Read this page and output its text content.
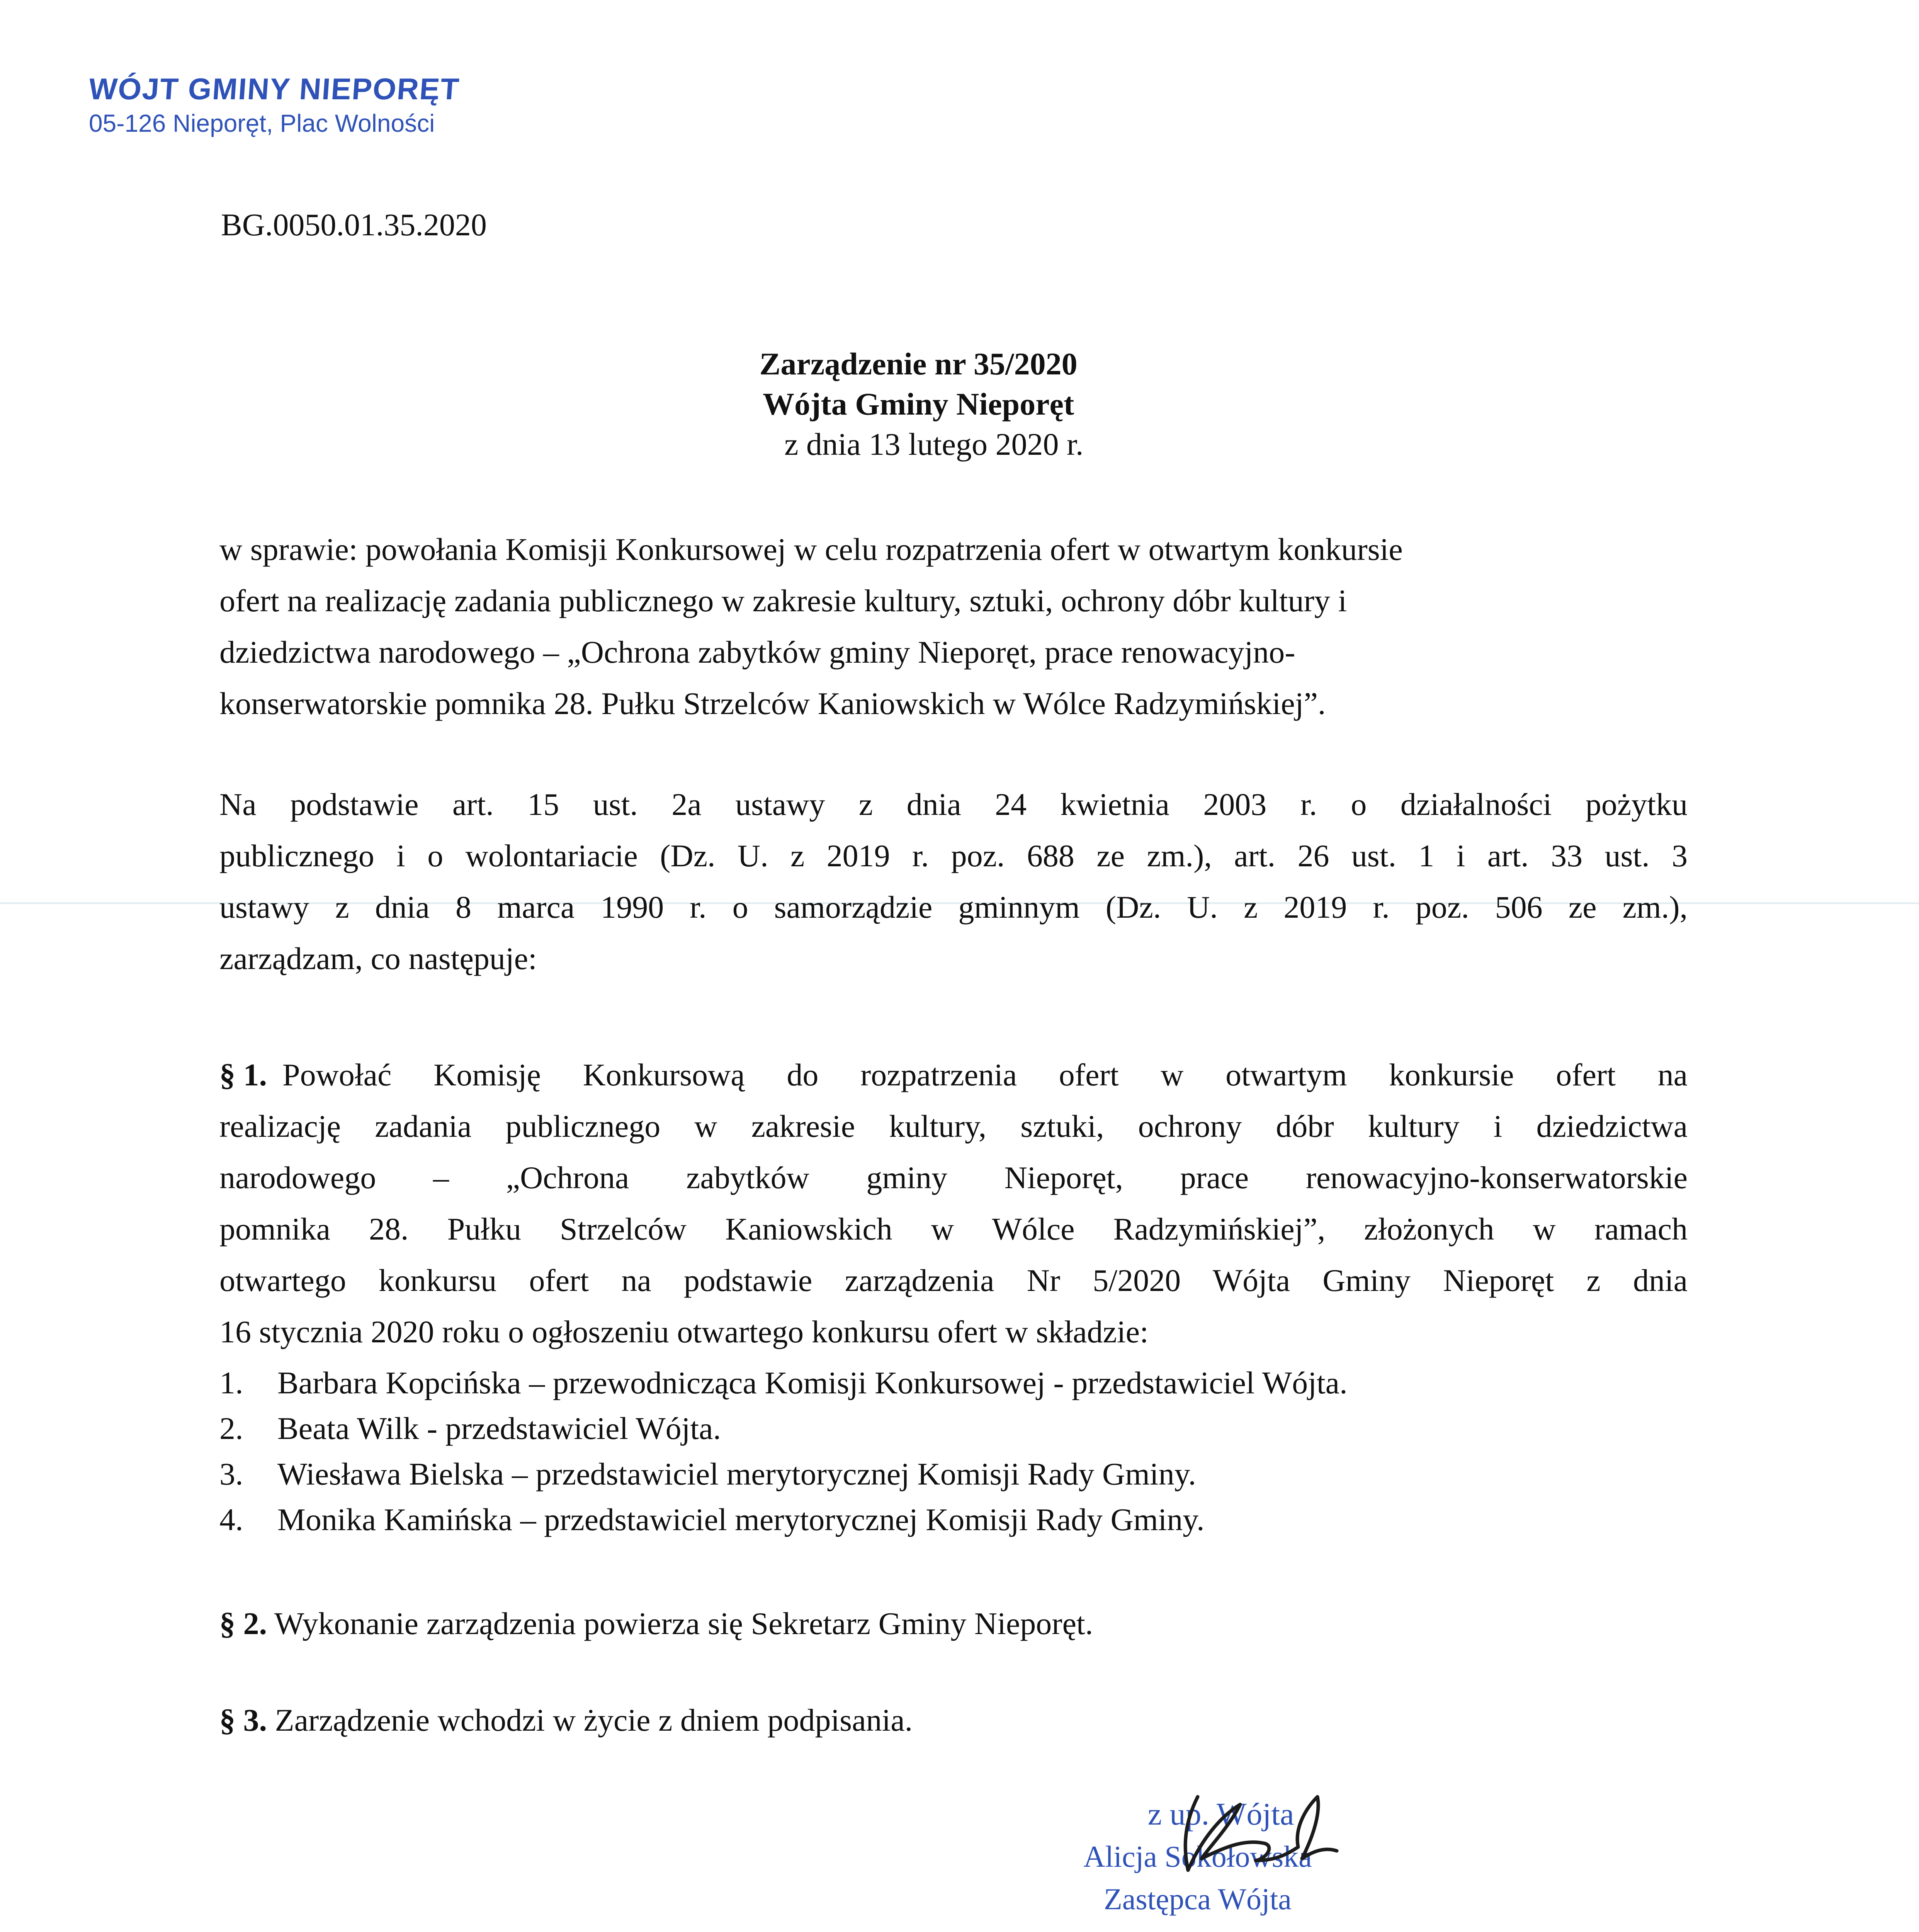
WÓJT GMINY NIEPORĘT
05-126 Nieporęt, Plac Wolności
BG.0050.01.35.2020
Zarządzenie nr 35/2020
Wójta Gminy Nieporęt
z dnia 13 lutego 2020 r.
w sprawie: powołania Komisji Konkursowej w celu rozpatrzenia ofert w otwartym konkursie
ofert na realizację zadania publicznego w zakresie kultury, sztuki, ochrony dóbr kultury i
dziedzictwa narodowego – „Ochrona zabytków gminy Nieporęt, prace renowacyjno-
konserwatorskie pomnika 28. Pułku Strzelców Kaniowskich w Wólce Radzymińskiej”.
Na podstawie art. 15 ust. 2a ustawy z dnia 24 kwietnia 2003 r. o działalności pożytku
publicznego i o wolontariacie (Dz. U. z 2019 r. poz. 688 ze zm.), art. 26 ust. 1 i art. 33 ust. 3
ustawy z dnia 8 marca 1990 r. o samorządzie gminnym (Dz. U. z 2019 r. poz. 506 ze zm.),
zarządzam, co następuje:
§ 1. Powołać Komisję Konkursową do rozpatrzenia ofert w otwartym konkursie ofert na
realizację zadania publicznego w zakresie kultury, sztuki, ochrony dóbr kultury i dziedzictwa
narodowego – „Ochrona zabytków gminy Nieporęt, prace renowacyjno-konserwatorskie
pomnika 28. Pułku Strzelców Kaniowskich w Wólce Radzymińskiej”, złożonych w ramach
otwartego konkursu ofert na podstawie zarządzenia Nr 5/2020 Wójta Gminy Nieporęt z dnia
16 stycznia 2020 roku o ogłoszeniu otwartego konkursu ofert w składzie:
1.	Barbara Kopcińska – przewodnicząca Komisji Konkursowej - przedstawiciel Wójta.
2.	Beata Wilk - przedstawiciel Wójta.
3.	Wiesława Bielska – przedstawiciel merytorycznej Komisji Rady Gminy.
4.	Monika Kamińska – przedstawiciel merytorycznej Komisji Rady Gminy.
§ 2. Wykonanie zarządzenia powierza się Sekretarz Gminy Nieporęt.
§ 3. Zarządzenie wchodzi w życie z dniem podpisania.
z up. Wójta
Alicja Sokołowska
Zastępca Wójta
